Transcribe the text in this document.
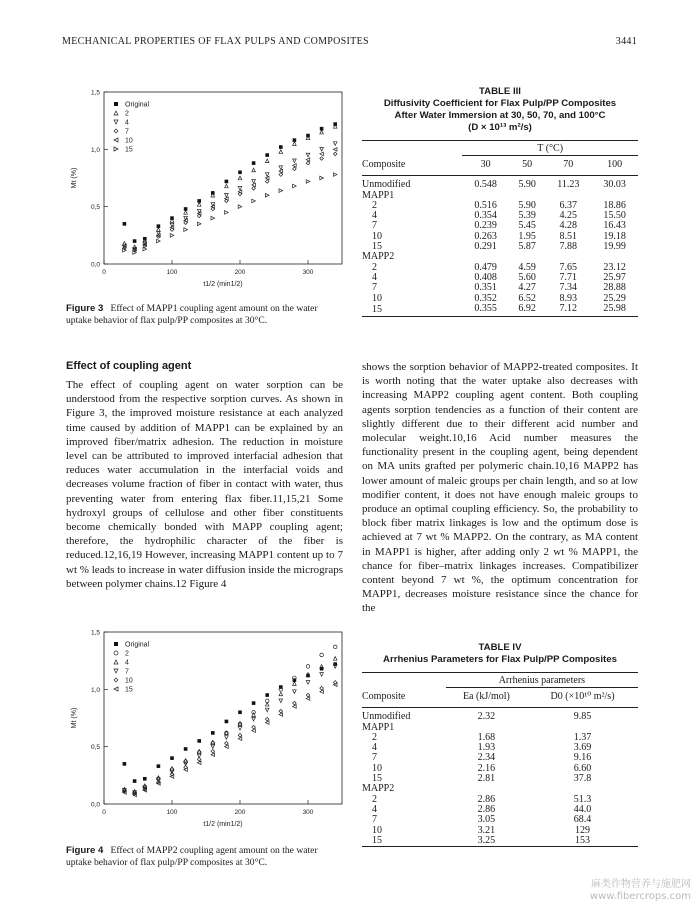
MECHANICAL PROPERTIES OF FLAX PULPS AND COMPOSITES	3441
0	100	200	300
0,0
0,5
1,0
1,5
t1/2 (min1/2)
Mt (%)
Original
2
4
7
10
15
Figure 3 Effect of MAPP1 coupling agent amount on the water uptake behavior of flax pulp/PP composites at 30°C.
TABLE III
Diffusivity Coefficient for Flax Pulp/PP Composites
After Water Immersion at 30, 50, 70, and 100°C
(D × 10¹³ m²/s)
	T (°C)			
Composite	30	50	70	100
Unmodified	0.548	5.90	11.23	30.03
MAPP1				
2	0.516	5.90	6.37	18.86
4	0.354	5.39	4.25	15.50
7	0.239	5.45	4.28	16.43
10	0.263	1.95	8.51	19.18
15	0.291	5.87	7.88	19.99
MAPP2				
2	0.479	4.59	7.65	23.12
4	0.408	5.60	7.71	25.97
7	0.351	4.27	7.34	28.88
10	0.352	6.52	8.93	25.29
15	0.355	6.92	7.12	25.98
Effect of coupling agent
The effect of coupling agent on water sorption can be understood from the respective sorption curves. As shown in Figure 3, the improved moisture resistance at each analyzed time caused by addition of MAPP1 can be explained by an improved fiber/matrix adhesion. The reduction in moisture level can be attributed to improved interfacial adhesion that reduces water accumulation in the interfacial voids and decreases volume fraction of fiber in contact with water, thus preventing water from entering flax fiber.11,15,21 Some hydroxyl groups of cellulose and other fiber constituents become chemically bonded with MAPP coupling agent; therefore, the hydrophilic character of the fiber is reduced.12,16,19 However, increasing MAPP1 content up to 7 wt % leads to increase in water diffusion inside the micrograps between polymer chains.12 Figure 4
shows the sorption behavior of MAPP2-treated composites. It is worth noting that the water uptake also decreases with increasing MAPP2 coupling agent content. Both coupling agents sorption tendencies as a function of their content are slightly different due to their different acid number and molecular weight.10,16 Acid number measures the functionality present in the coupling agent, being dependent on MA units grafted per polymeric chain.10,16 MAPP2 has lower amount of maleic groups per chain length, and so at low modifier content, it does not have enough maleic groups to produce an optimal coupling efficiency. So, the probability to block fiber matrix linkages is low and the optimum dose is achieved at 7 wt % MAPP2. On the contrary, as MA content in MAPP1 is higher, after adding only 2 wt % MAPP1, the chance for fiber–matrix linkages increases. Compatibilizer content beyond 7 wt %, the optimum concentration for MAPP1, decreases moisture resistance since the chance for the
0	100	200	300
0,0
0,5
1,0
1,5
t1/2 (min1/2)
Mt (%)
Original
2
4
7
10
15
Figure 4 Effect of MAPP2 coupling agent amount on the water uptake behavior of flax pulp/PP composites at 30°C.
TABLE IV
Arrhenius Parameters for Flax Pulp/PP Composites
	Arrhenius parameters	
Composite	Ea (kJ/mol)	D0 (×10¹⁰ m²/s)
Unmodified	2.32	9.85
MAPP1		
2	1.68	1.37
4	1.93	3.69
7	2.34	9.16
10	2.16	6.60
15	2.81	37.8
MAPP2		
2	2.86	51.3
4	2.86	44.0
7	3.05	68.4
10	3.21	129
15	3.25	153
麻类作物营养与施肥网
www.fibercrops.com
